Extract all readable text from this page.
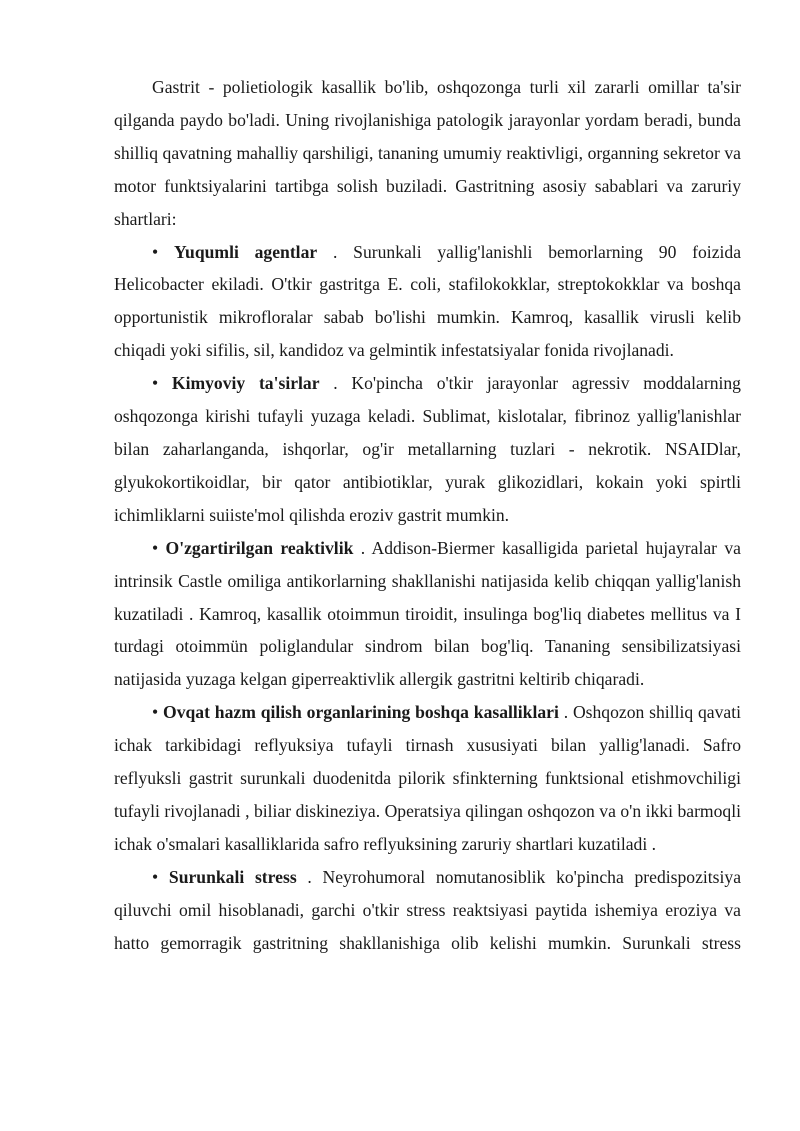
Gastrit - polietiologik kasallik bo'lib, oshqozonga turli xil zararli omillar ta'sir qilganda paydo bo'ladi. Uning rivojlanishiga patologik jarayonlar yordam beradi, bunda shilliq qavatning mahalliy qarshiligi, tananing umumiy reaktivligi, organning sekretor va motor funktsiyalarini tartibga solish buziladi. Gastritning asosiy sabablari va zaruriy shartlari:

• Yuqumli agentlar . Surunkali yallig'lanishli bemorlarning 90 foizida Helicobacter ekiladi. O'tkir gastritga E. coli, stafilokokklar, streptokokklar va boshqa opportunistik mikrofloralar sabab bo'lishi mumkin. Kamroq, kasallik virusli kelib chiqadi yoki sifilis, sil, kandidoz va gelmintik infestatsiyalar fonida rivojlanadi.

• Kimyoviy ta'sirlar . Ko'pincha o'tkir jarayonlar agressiv moddalarning oshqozonga kirishi tufayli yuzaga keladi. Sublimat, kislotalar, fibrinoz yallig'lanishlar bilan zaharlanganda, ishqorlar, og'ir metallarning tuzlari - nekrotik. NSAIDlar, glyukokortikoidlar, bir qator antibiotiklar, yurak glikozidlari, kokain yoki spirtli ichimliklarni suiiste'mol qilishda eroziv gastrit mumkin.

• O'zgartirilgan reaktivlik . Addison-Biermer kasalligida parietal hujayralar va intrinsik Castle omiliga antikorlarning shakllanishi natijasida kelib chiqqan yallig'lanish kuzatiladi . Kamroq, kasallik otoimmun tiroidit, insulinga bog'liq diabetes mellitus va I turdagi otoimmün poliglandular sindrom bilan bog'liq. Tananing sensibilizatsiyasi natijasida yuzaga kelgan giperreaktivlik allergik gastritni keltirib chiqaradi.

• Ovqat hazm qilish organlarining boshqa kasalliklari . Oshqozon shilliq qavati ichak tarkibidagi reflyuksiya tufayli tirnash xususiyati bilan yallig'lanadi. Safro reflyuksli gastrit surunkali duodenitda pilorik sfinkterning funktsional etishmovchiligi tufayli rivojlanadi , biliar diskineziya. Operatsiya qilingan oshqozon va o'n ikki barmoqli ichak o'smalari kasalliklarida safro reflyuksining zaruriy shartlari kuzatiladi .

• Surunkali stress . Neyrohumoral nomutanosiblik ko'pincha predispozitsiya qiluvchi omil hisoblanadi, garchi o'tkir stress reaktsiyasi paytida ishemiya eroziya va hatto gemorragik gastritning shakllanishiga olib kelishi mumkin. Surunkali stress
